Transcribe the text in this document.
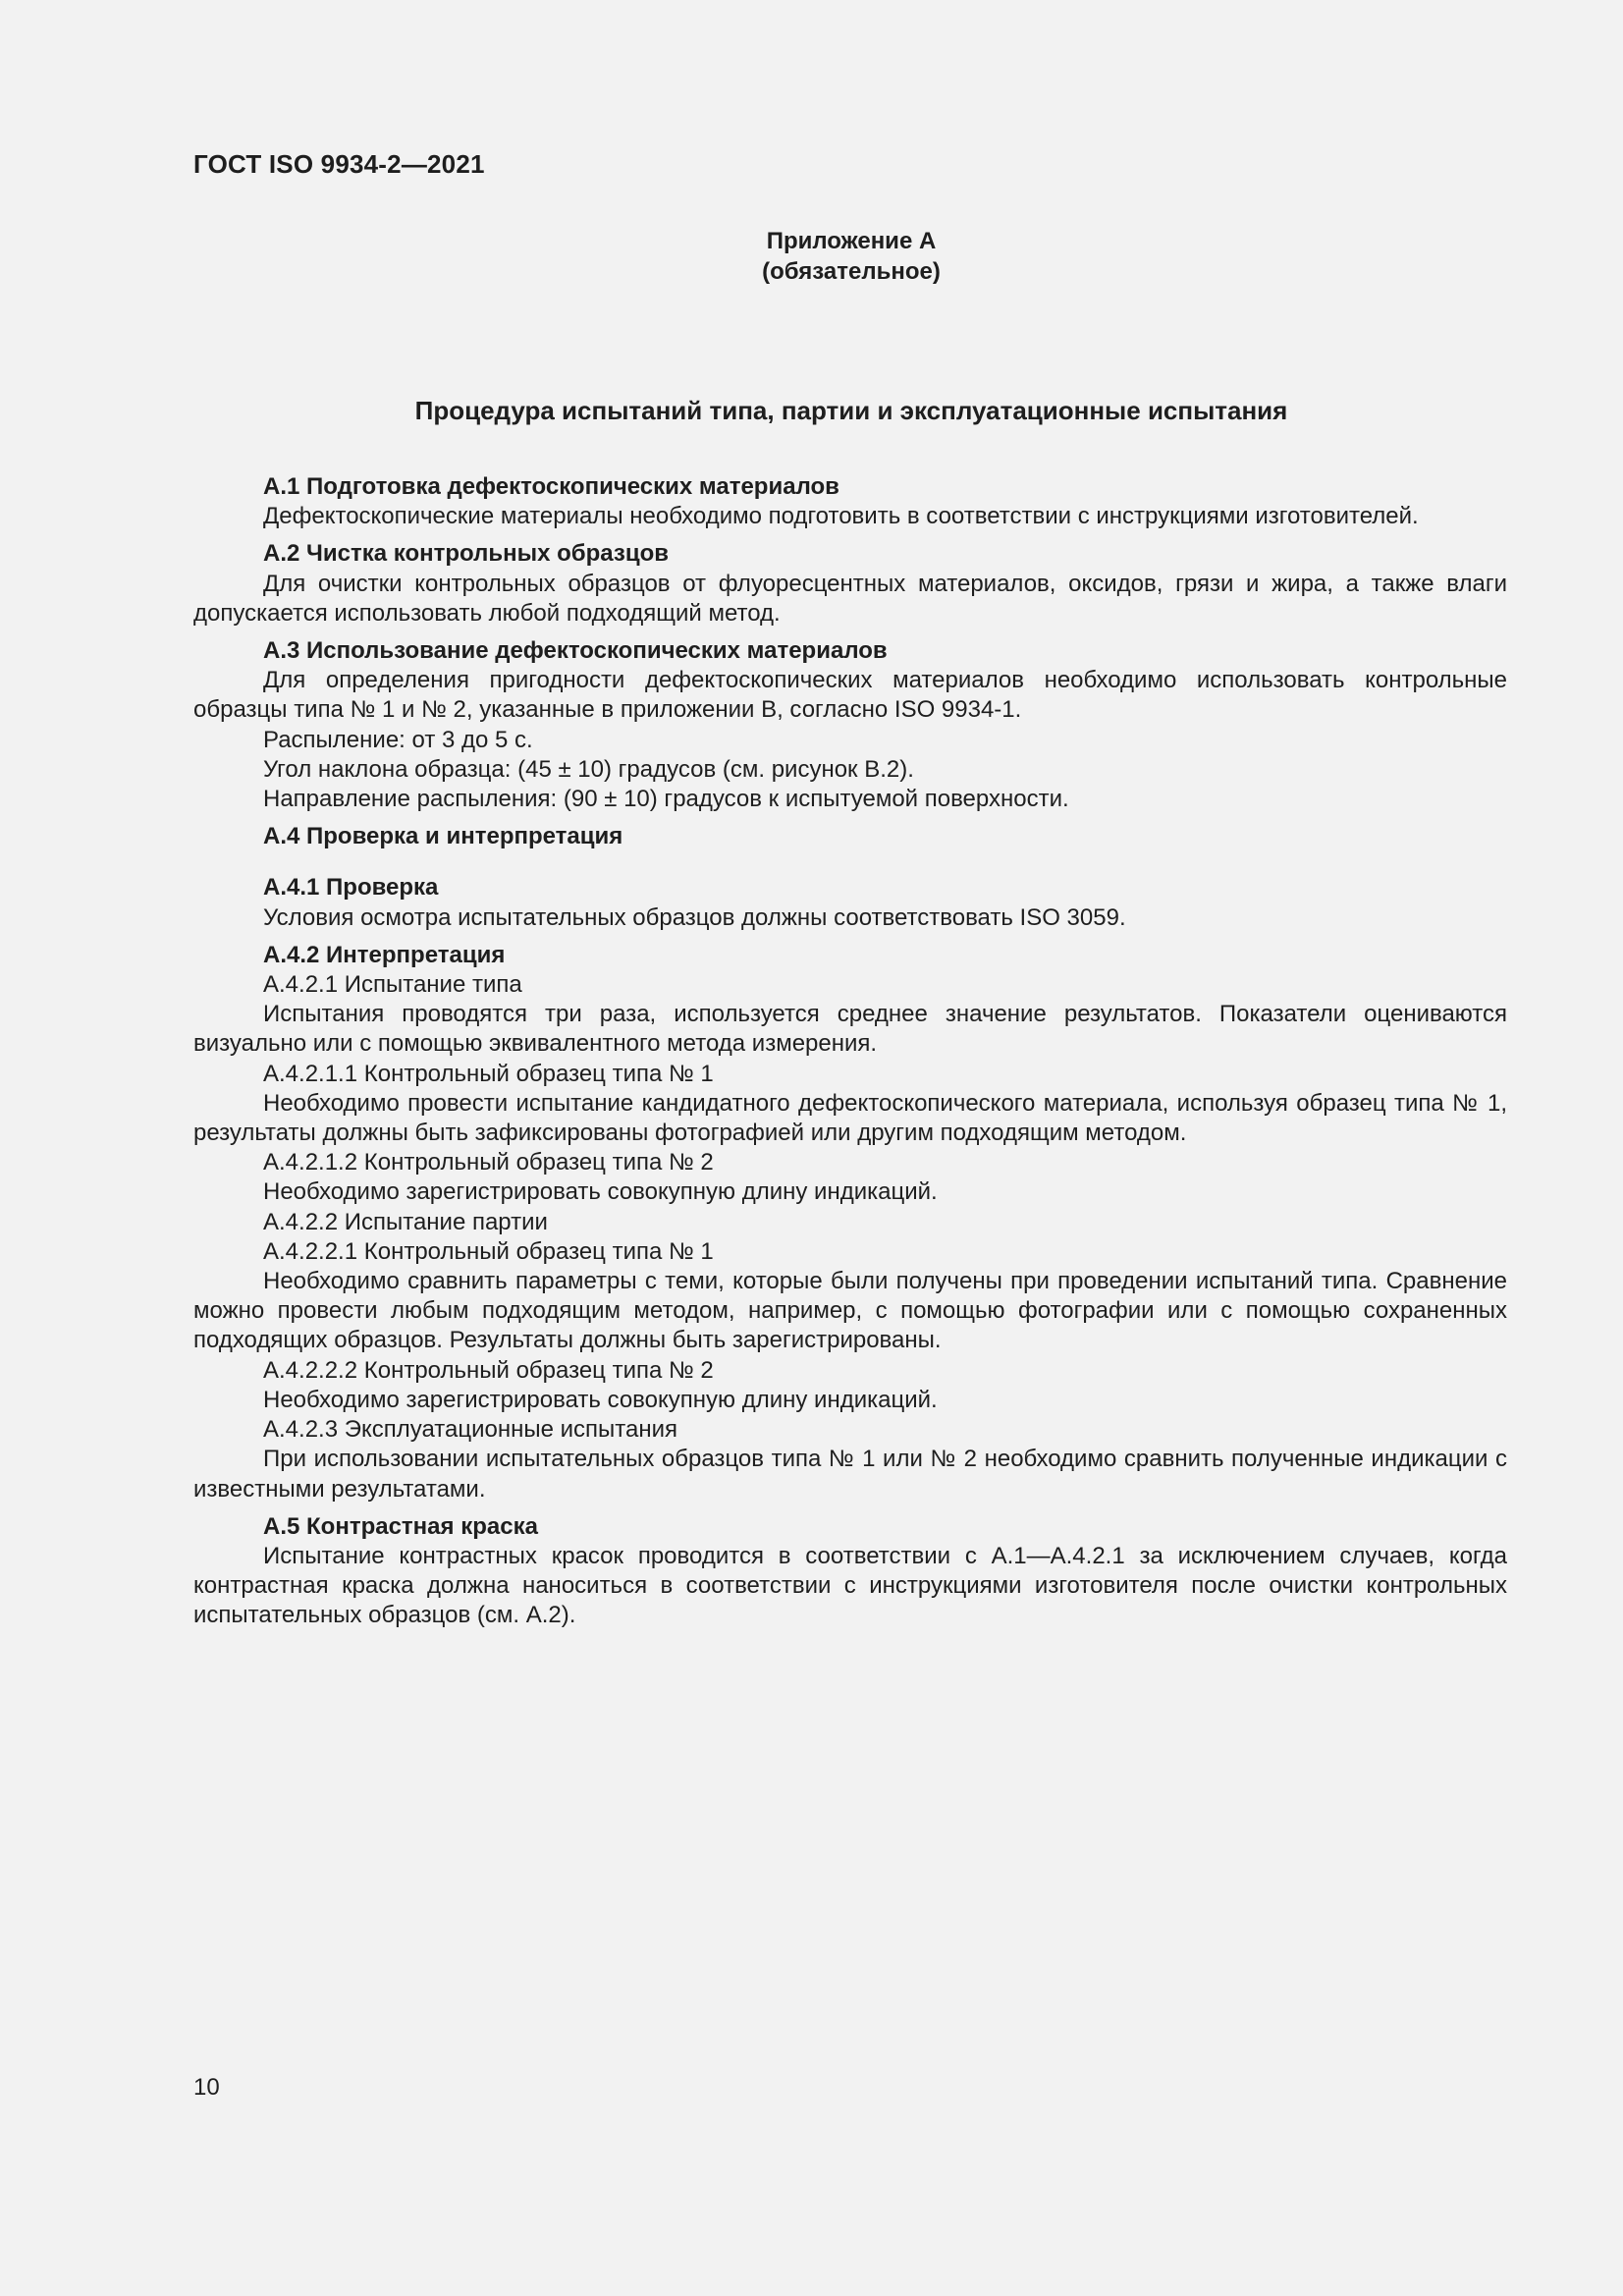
ГОСТ ISO 9934-2—2021
Приложение А
(обязательное)
Процедура испытаний типа, партии и эксплуатационные испытания

А.1 Подготовка дефектоскопических материалов

Дефектоскопические материалы необходимо подготовить в соответствии с инструкциями изготовителей.

А.2 Чистка контрольных образцов

Для очистки контрольных образцов от флуоресцентных материалов, оксидов, грязи и жира, а также влаги допускается использовать любой подходящий метод.

А.3 Использование дефектоскопических материалов

Для определения пригодности дефектоскопических материалов необходимо использовать контрольные образцы типа № 1 и № 2, указанные в приложении В, согласно ISO 9934-1.

Распыление: от 3 до 5 с.

Угол наклона образца: (45 ± 10) градусов (см. рисунок В.2).

Направление распыления: (90 ± 10) градусов к испытуемой поверхности.

А.4 Проверка и интерпретация

А.4.1 Проверка

Условия осмотра испытательных образцов должны соответствовать ISO 3059.

А.4.2 Интерпретация

А.4.2.1 Испытание типа

Испытания проводятся три раза, используется среднее значение результатов. Показатели оцениваются визуально или с помощью эквивалентного метода измерения.

А.4.2.1.1 Контрольный образец типа № 1

Необходимо провести испытание кандидатного дефектоскопического материала, используя образец типа № 1, результаты должны быть зафиксированы фотографией или другим подходящим методом.

А.4.2.1.2 Контрольный образец типа № 2

Необходимо зарегистрировать совокупную длину индикаций.

А.4.2.2 Испытание партии

А.4.2.2.1 Контрольный образец типа № 1

Необходимо сравнить параметры с теми, которые были получены при проведении испытаний типа. Сравнение можно провести любым подходящим методом, например, с помощью фотографии или с помощью сохраненных подходящих образцов. Результаты должны быть зарегистрированы.

А.4.2.2.2 Контрольный образец типа № 2

Необходимо зарегистрировать совокупную длину индикаций.

А.4.2.3 Эксплуатационные испытания

При использовании испытательных образцов типа № 1 или № 2 необходимо сравнить полученные индикации с известными результатами.

А.5 Контрастная краска

Испытание контрастных красок проводится в соответствии с А.1—А.4.2.1 за исключением случаев, когда контрастная краска должна наноситься в соответствии с инструкциями изготовителя после очистки контрольных испытательных образцов (см. А.2).

10
